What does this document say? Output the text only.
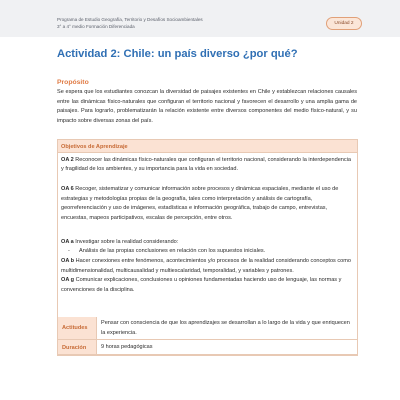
Programa de Estudio Geografía, Territorio y Desafíos Socioambientales
3° a 4° medio Formación Diferenciada
Unidad 2
Actividad 2: Chile: un país diverso ¿por qué?
Propósito
Se espera que los estudiantes conozcan la diversidad de paisajes existentes en Chile y establezcan relaciones causales entre las dinámicas físico-naturales que configuran el territorio nacional y favorecen el desarrollo y una amplia gama de paisajes. Para lograrlo, problematizarán la relación existente entre diversos componentes del medio físico-natural, y su impacto sobre diversas zonas del país.
Objetivos de Aprendizaje
OA 2 Reconocer las dinámicas físico-naturales que configuran el territorio nacional, considerando la interdependencia y fragilidad de los ambientes, y su importancia para la vida en sociedad.
OA 6 Recoger, sistematizar y comunicar información sobre procesos y dinámicas espaciales, mediante el uso de estrategias y metodologías propias de la geografía, tales como interpretación y análisis de cartografía, georreferenciación y uso de imágenes, estadísticas e información geográfica, trabajo de campo, entrevistas, encuestas, mapeos participativos, escalas de percepción, entre otros.
OA a Investigar sobre la realidad considerando:
- Análisis de las propias conclusiones en relación con los supuestos iniciales.
OA b Hacer conexiones entre fenómenos, acontecimientos y/o procesos de la realidad considerando conceptos como multidimensionalidad, multicausalidad y multiescalaridad, temporalidad, y variables y patrones.
OA g Comunicar explicaciones, conclusiones u opiniones fundamentadas haciendo uso de lenguaje, las normas y convenciones de la disciplina.
Actitudes
Pensar con consciencia de que los aprendizajes se desarrollan a lo largo de la vida y que enriquecen la experiencia.
Duración	9 horas pedagógicas
